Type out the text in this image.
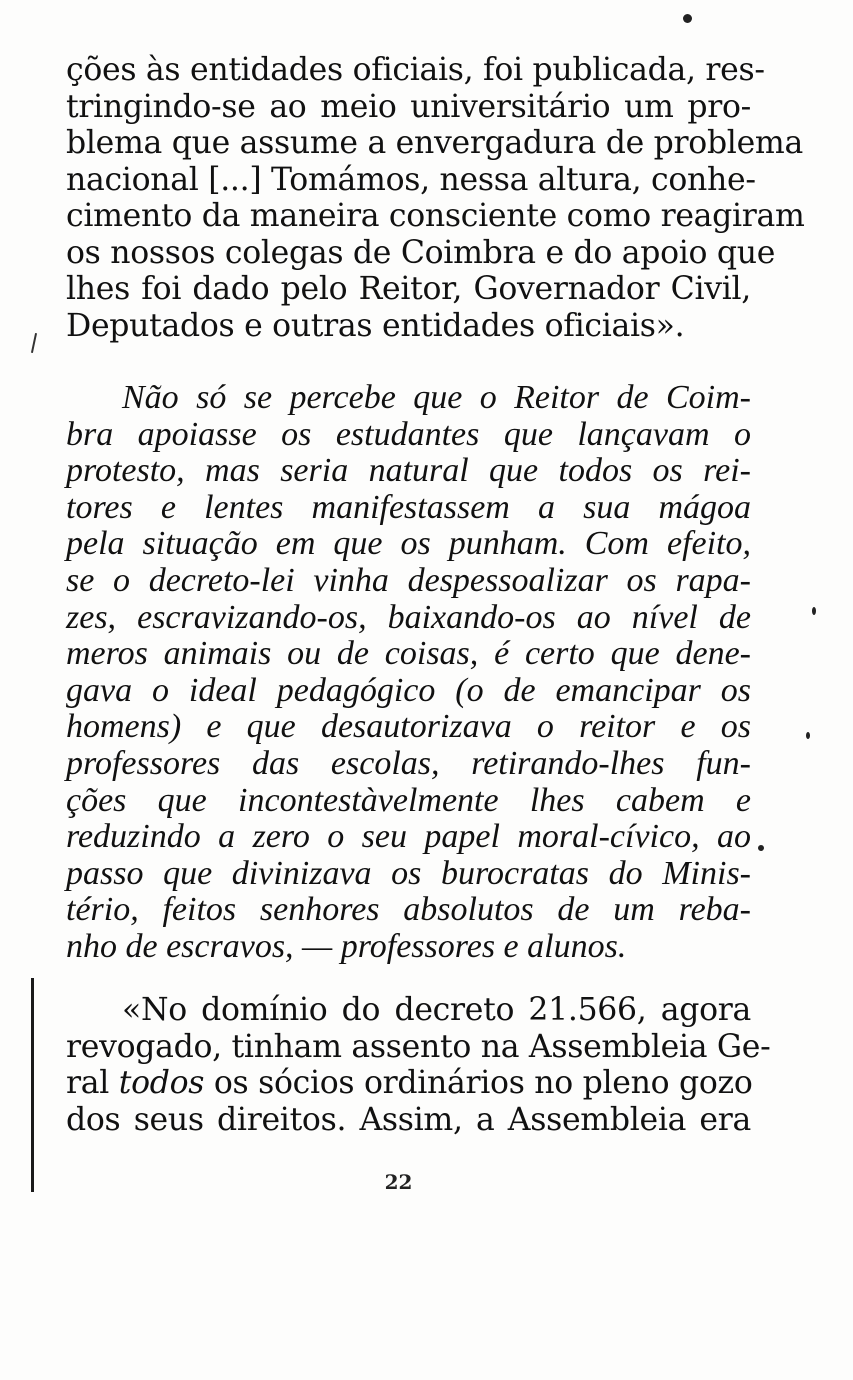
ções às entidades oficiais, foi publicada, res-
tringindo-se ao meio universitário um pro-
blema que assume a envergadura de problema
nacional [...] Tomámos, nessa altura, conhe-
cimento da maneira consciente como reagiram
os nossos colegas de Coimbra e do apoio que
lhes foi dado pelo Reitor, Governador Civil,
Deputados e outras entidades oficiais».
Não só se percebe que o Reitor de Coim-
bra apoiasse os estudantes que lançavam o
protesto, mas seria natural que todos os rei-
tores e lentes manifestassem a sua mágoa
pela situação em que os punham. Com efeito,
se o decreto-lei vinha despessoalizar os rapa-
zes, escravizando-os, baixando-os ao nível de
meros animais ou de coisas, é certo que dene-
gava o ideal pedagógico (o de emancipar os
homens) e que desautorizava o reitor e os
professores das escolas, retirando-lhes fun-
ções que incontestàvelmente lhes cabem e
reduzindo a zero o seu papel moral-cívico, ao
passo que divinizava os burocratas do Minis-
tério, feitos senhores absolutos de um reba-
nho de escravos, — professores e alunos.
«No domínio do decreto 21.566, agora
revogado, tinham assento na Assembleia Ge-
ral todos os sócios ordinários no pleno gozo
dos seus direitos. Assim, a Assembleia era
22
